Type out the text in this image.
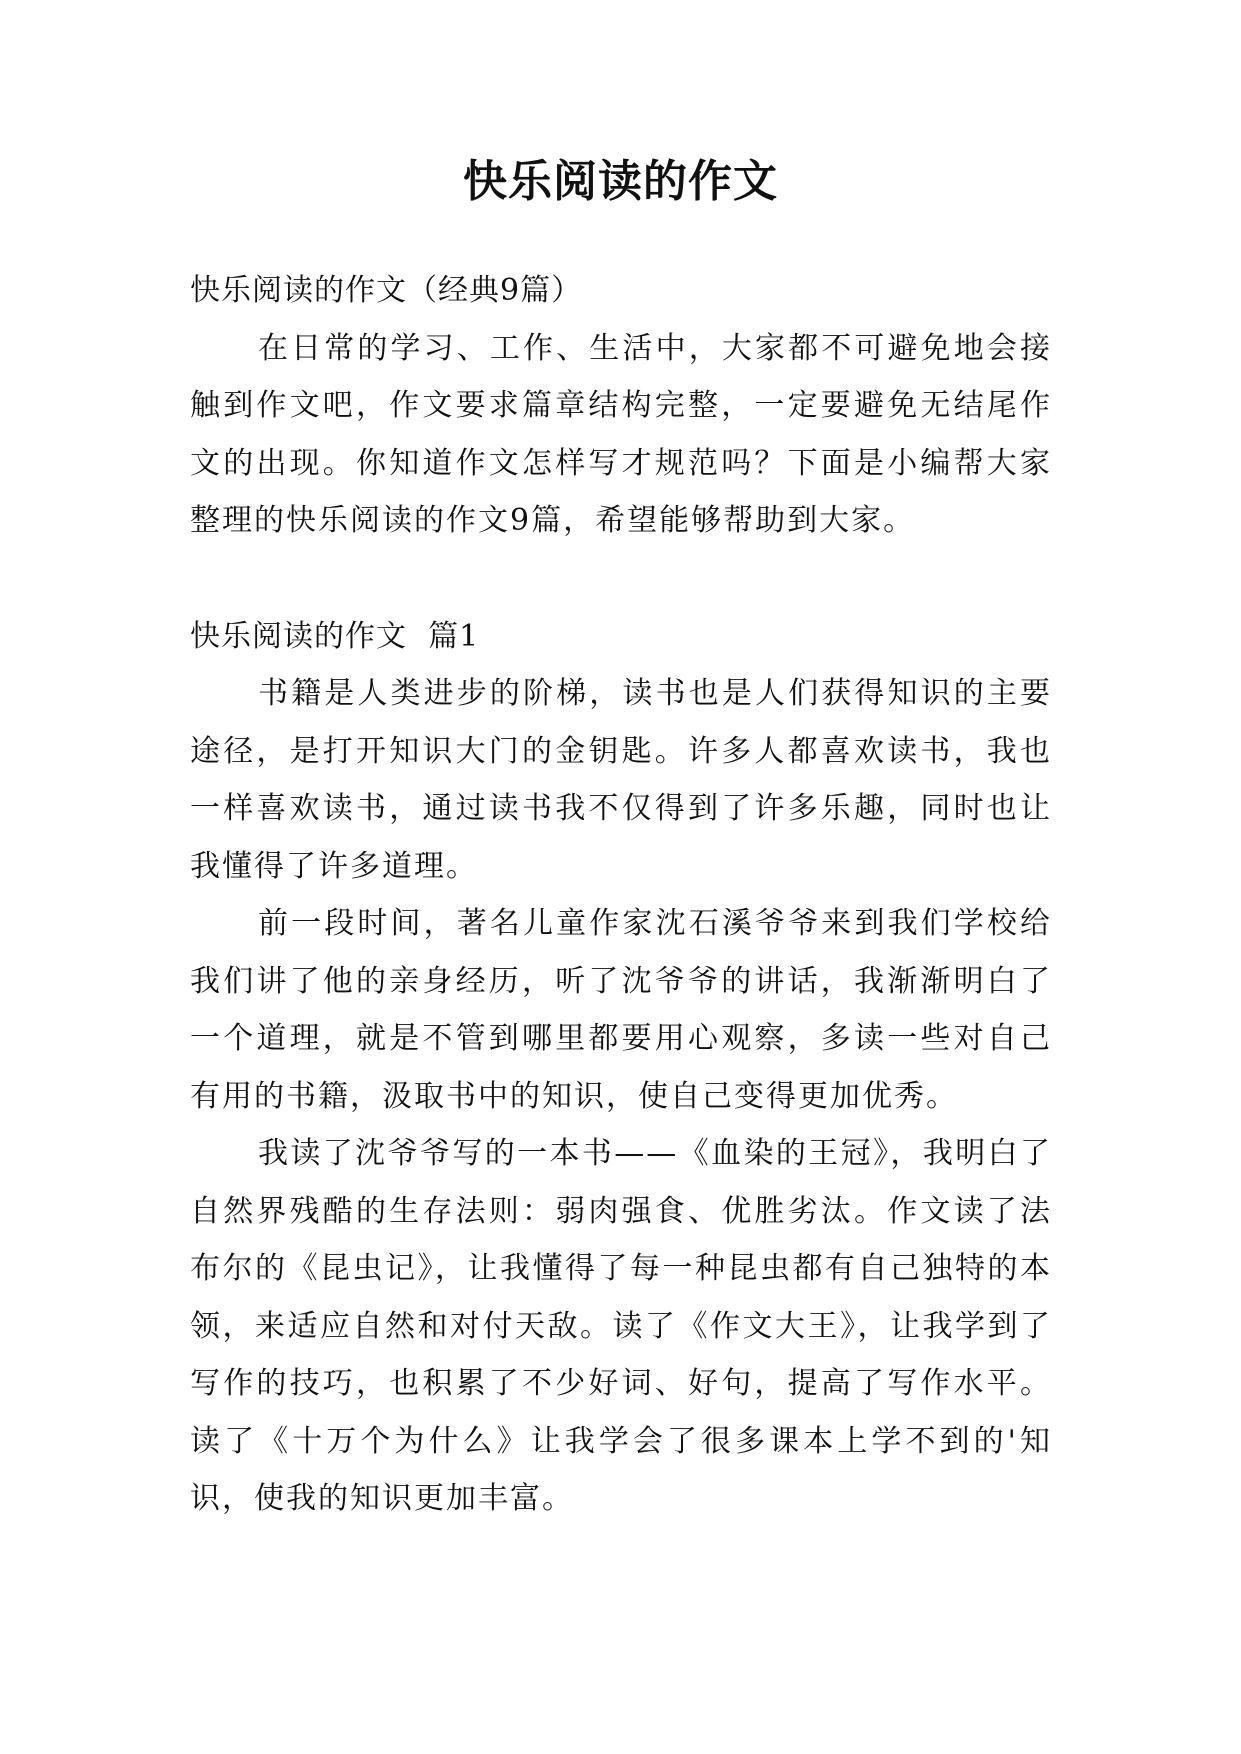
快乐阅读的作文

快乐阅读的作文（经典9篇）

在日常的学习、工作、生活中，大家都不可避免地会接触到作文吧，作文要求篇章结构完整，一定要避免无结尾作文的出现。你知道作文怎样写才规范吗？下面是小编帮大家整理的快乐阅读的作文9篇，希望能够帮助到大家。

快乐阅读的作文  篇1

书籍是人类进步的阶梯，读书也是人们获得知识的主要途径，是打开知识大门的金钥匙。许多人都喜欢读书，我也一样喜欢读书，通过读书我不仅得到了许多乐趣，同时也让我懂得了许多道理。

前一段时间，著名儿童作家沈石溪爷爷来到我们学校给我们讲了他的亲身经历，听了沈爷爷的讲话，我渐渐明白了一个道理，就是不管到哪里都要用心观察，多读一些对自己有用的书籍，汲取书中的知识，使自己变得更加优秀。

我读了沈爷爷写的一本书——《血染的王冠》，我明白了自然界残酷的生存法则：弱肉强食、优胜劣汰。作文读了法布尔的《昆虫记》，让我懂得了每一种昆虫都有自己独特的本领，来适应自然和对付天敌。读了《作文大王》，让我学到了写作的技巧，也积累了不少好词、好句，提高了写作水平。读了《十万个为什么》让我学会了很多课本上学不到的'知识，使我的知识更加丰富。
